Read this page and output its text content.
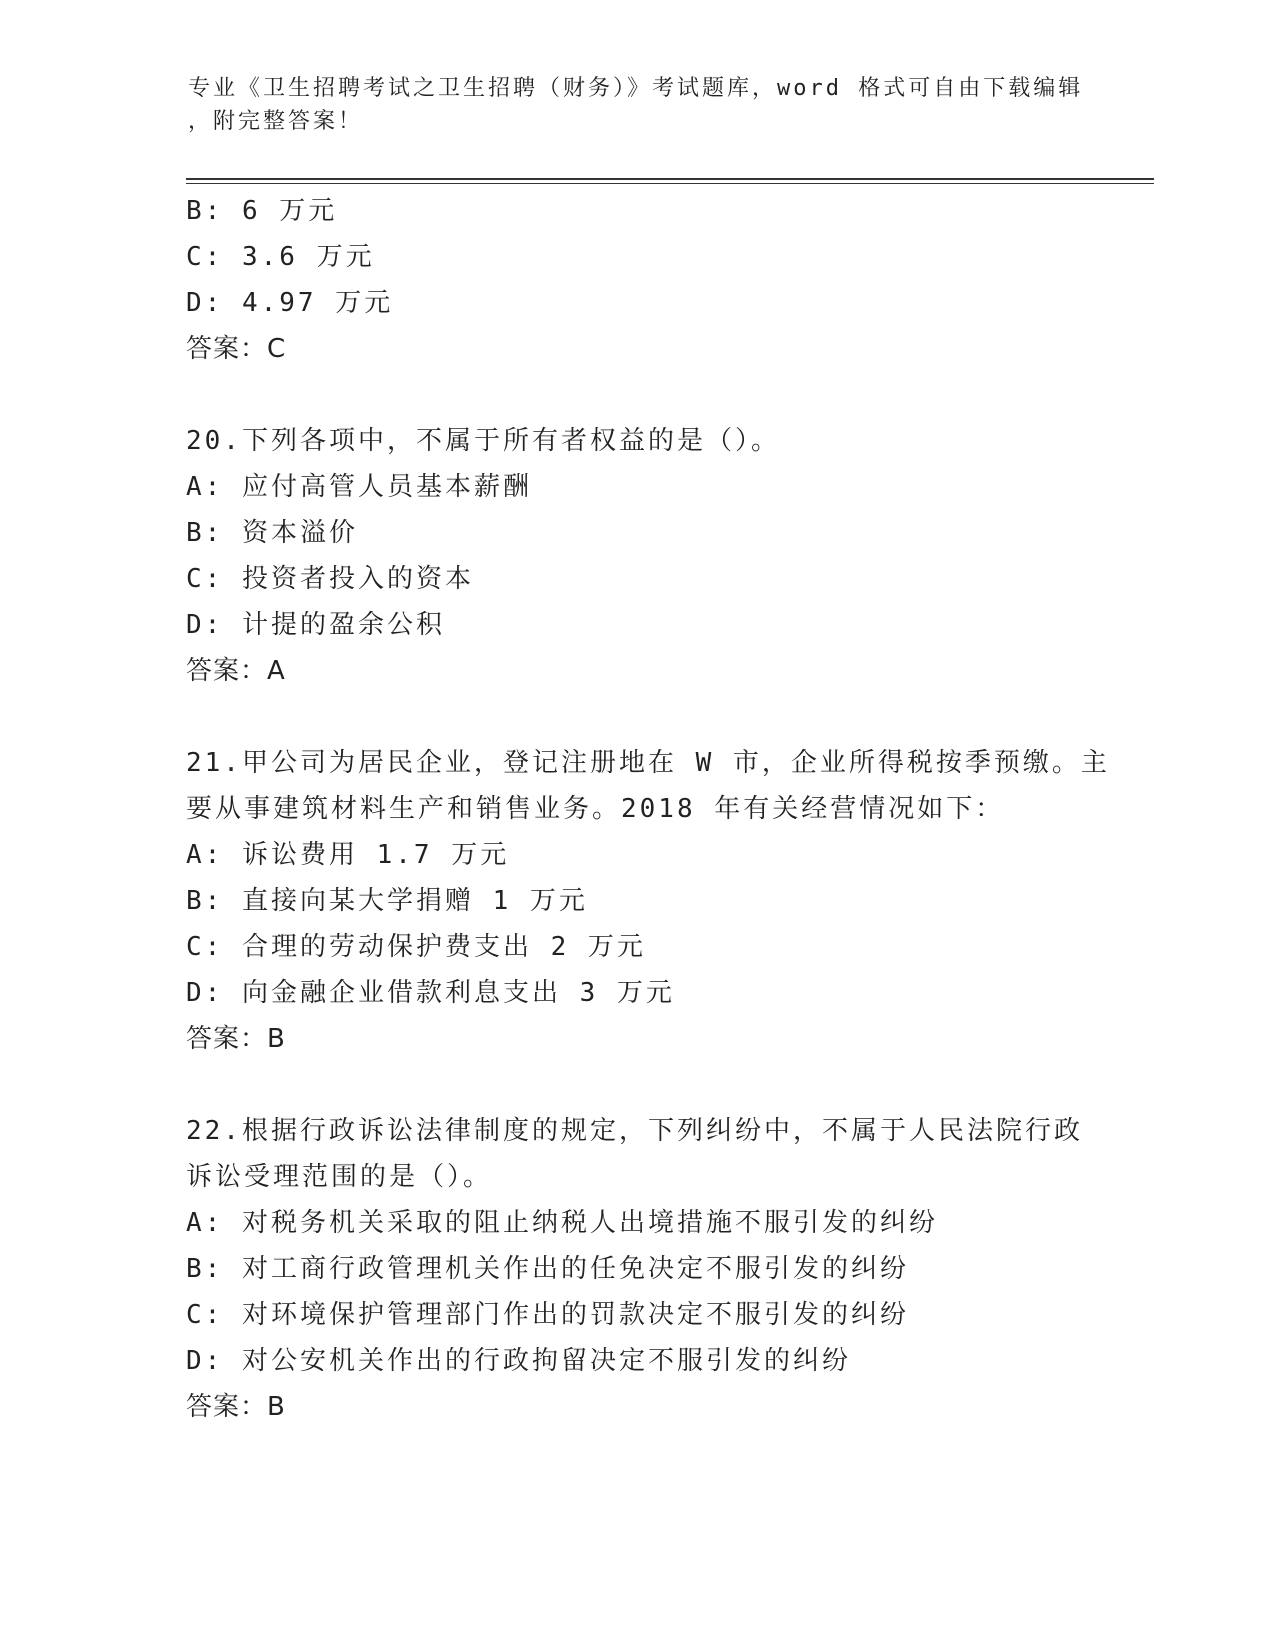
专业《卫生招聘考试之卫生招聘（财务）》考试题库，word 格式可自由下载编辑
，附完整答案！
B: 6 万元
C: 3.6 万元
D: 4.97 万元
答案：C
20.下列各项中，不属于所有者权益的是（）。
A: 应付高管人员基本薪酬
B: 资本溢价
C: 投资者投入的资本
D: 计提的盈余公积
答案：A
21.甲公司为居民企业，登记注册地在 W 市，企业所得税按季预缴。主
要从事建筑材料生产和销售业务。2018 年有关经营情况如下：
A: 诉讼费用 1.7 万元
B: 直接向某大学捐赠 1 万元
C: 合理的劳动保护费支出 2 万元
D: 向金融企业借款利息支出 3 万元
答案：B
22.根据行政诉讼法律制度的规定，下列纠纷中，不属于人民法院行政
诉讼受理范围的是（）。
A: 对税务机关采取的阻止纳税人出境措施不服引发的纠纷
B: 对工商行政管理机关作出的任免决定不服引发的纠纷
C: 对环境保护管理部门作出的罚款决定不服引发的纠纷
D: 对公安机关作出的行政拘留决定不服引发的纠纷
答案：B
